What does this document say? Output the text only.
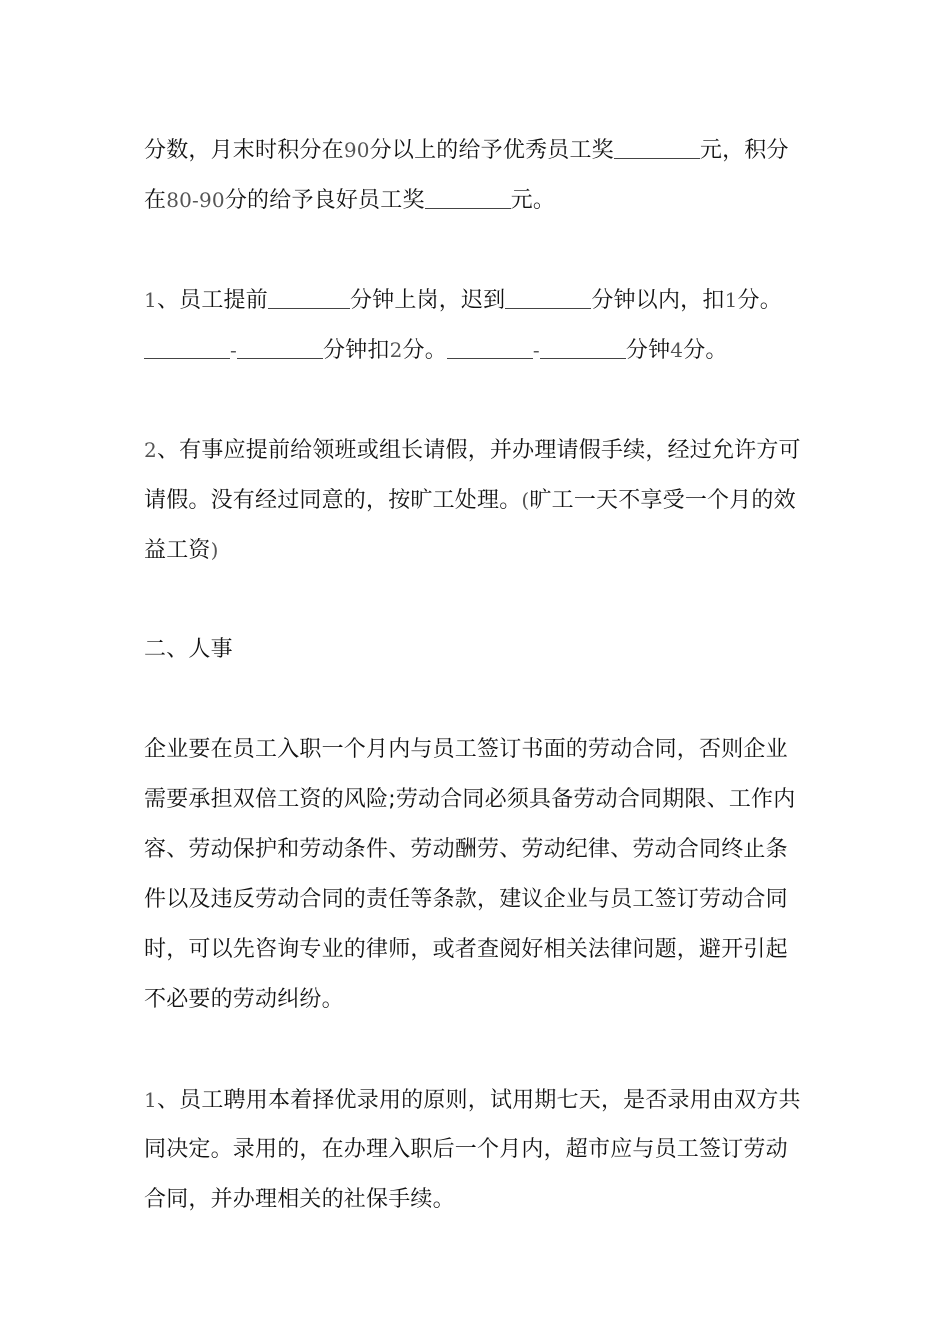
分数，月末时积分在90分以上的给予优秀员工奖	元，积分
在80-90分的给予良好员工奖	元。
1、员工提前	分钟上岗，迟到	分钟以内，扣1分。
-	分钟扣2分。	-	分钟4分。
2、有事应提前给领班或组长请假，并办理请假手续，经过允许方可
请假。没有经过同意的，按旷工处理。(旷工一天不享受一个月的效
益工资)
二、人事
企业要在员工入职一个月内与员工签订书面的劳动合同，否则企业
需要承担双倍工资的风险;劳动合同必须具备劳动合同期限、工作内
容、劳动保护和劳动条件、劳动酬劳、劳动纪律、劳动合同终止条
件以及违反劳动合同的责任等条款，建议企业与员工签订劳动合同
时，可以先咨询专业的律师，或者查阅好相关法律问题，避开引起
不必要的劳动纠纷。
1、员工聘用本着择优录用的原则，试用期七天，是否录用由双方共
同决定。录用的，在办理入职后一个月内，超市应与员工签订劳动
合同，并办理相关的社保手续。
